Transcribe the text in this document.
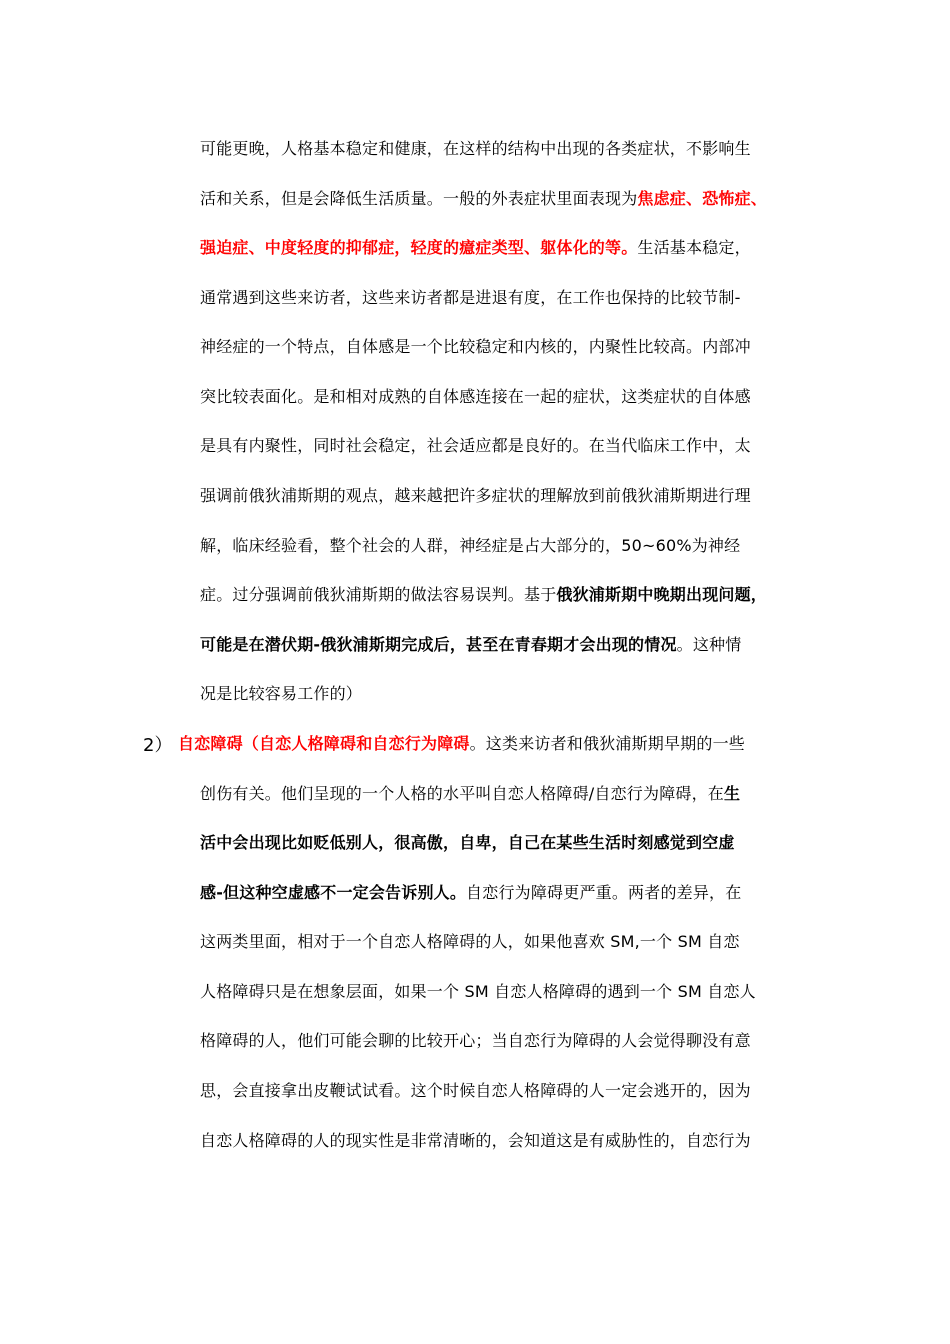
2）
可能更晚，人格基本稳定和健康，在这样的结构中出现的各类症状，不影响生
活和关系，但是会降低生活质量。一般的外表症状里面表现为焦虑症、恐怖症、
强迫症、中度轻度的抑郁症，轻度的癔症类型、躯体化的等。生活基本稳定，
通常遇到这些来访者，这些来访者都是进退有度，在工作也保持的比较节制-
神经症的一个特点，自体感是一个比较稳定和内核的，内聚性比较高。内部冲
突比较表面化。是和相对成熟的自体感连接在一起的症状，这类症状的自体感
是具有内聚性，同时社会稳定，社会适应都是良好的。在当代临床工作中，太
强调前俄狄浦斯期的观点，越来越把许多症状的理解放到前俄狄浦斯期进行理
解，临床经验看，整个社会的人群，神经症是占大部分的，50~60%为神经
症。过分强调前俄狄浦斯期的做法容易误判。基于俄狄浦斯期中晚期出现问题，
可能是在潜伏期-俄狄浦斯期完成后，甚至在青春期才会出现的情况。这种情
况是比较容易工作的）
自恋障碍（自恋人格障碍和自恋行为障碍。这类来访者和俄狄浦斯期早期的一些
创伤有关。他们呈现的一个人格的水平叫自恋人格障碍/自恋行为障碍，在生
活中会出现比如贬低别人，很高傲，自卑，自己在某些生活时刻感觉到空虚
感-但这种空虚感不一定会告诉别人。自恋行为障碍更严重。两者的差异，在
这两类里面，相对于一个自恋人格障碍的人，如果他喜欢 SM,一个 SM 自恋
人格障碍只是在想象层面，如果一个 SM 自恋人格障碍的遇到一个 SM 自恋人
格障碍的人，他们可能会聊的比较开心；当自恋行为障碍的人会觉得聊没有意
思，会直接拿出皮鞭试试看。这个时候自恋人格障碍的人一定会逃开的，因为
自恋人格障碍的人的现实性是非常清晰的，会知道这是有威胁性的，自恋行为
